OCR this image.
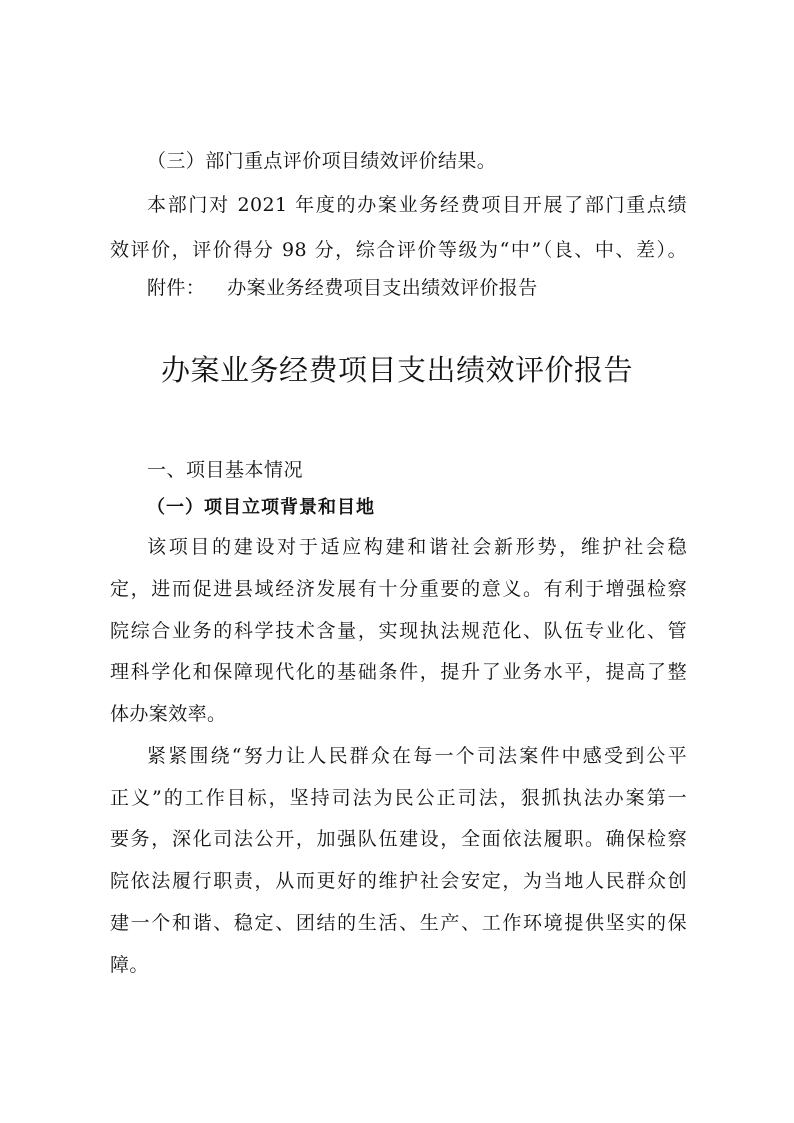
（三）部门重点评价项目绩效评价结果。
本部门对 2021 年度的办案业务经费项目开展了部门重点绩
效评价，评价得分 98 分，综合评价等级为“中”（良、中、差）。
附件： 办案业务经费项目支出绩效评价报告
办案业务经费项目支出绩效评价报告
一、项目基本情况
（一）项目立项背景和目地
该项目的建设对于适应构建和谐社会新形势，维护社会稳
定，进而促进县域经济发展有十分重要的意义。有利于增强检察
院综合业务的科学技术含量，实现执法规范化、队伍专业化、管
理科学化和保障现代化的基础条件，提升了业务水平，提高了整
体办案效率。
紧紧围绕“努力让人民群众在每一个司法案件中感受到公平
正义”的工作目标，坚持司法为民公正司法，狠抓执法办案第一
要务，深化司法公开，加强队伍建设，全面依法履职。确保检察
院依法履行职责，从而更好的维护社会安定，为当地人民群众创
建一个和谐、稳定、团结的生活、生产、工作环境提供坚实的保
障。
